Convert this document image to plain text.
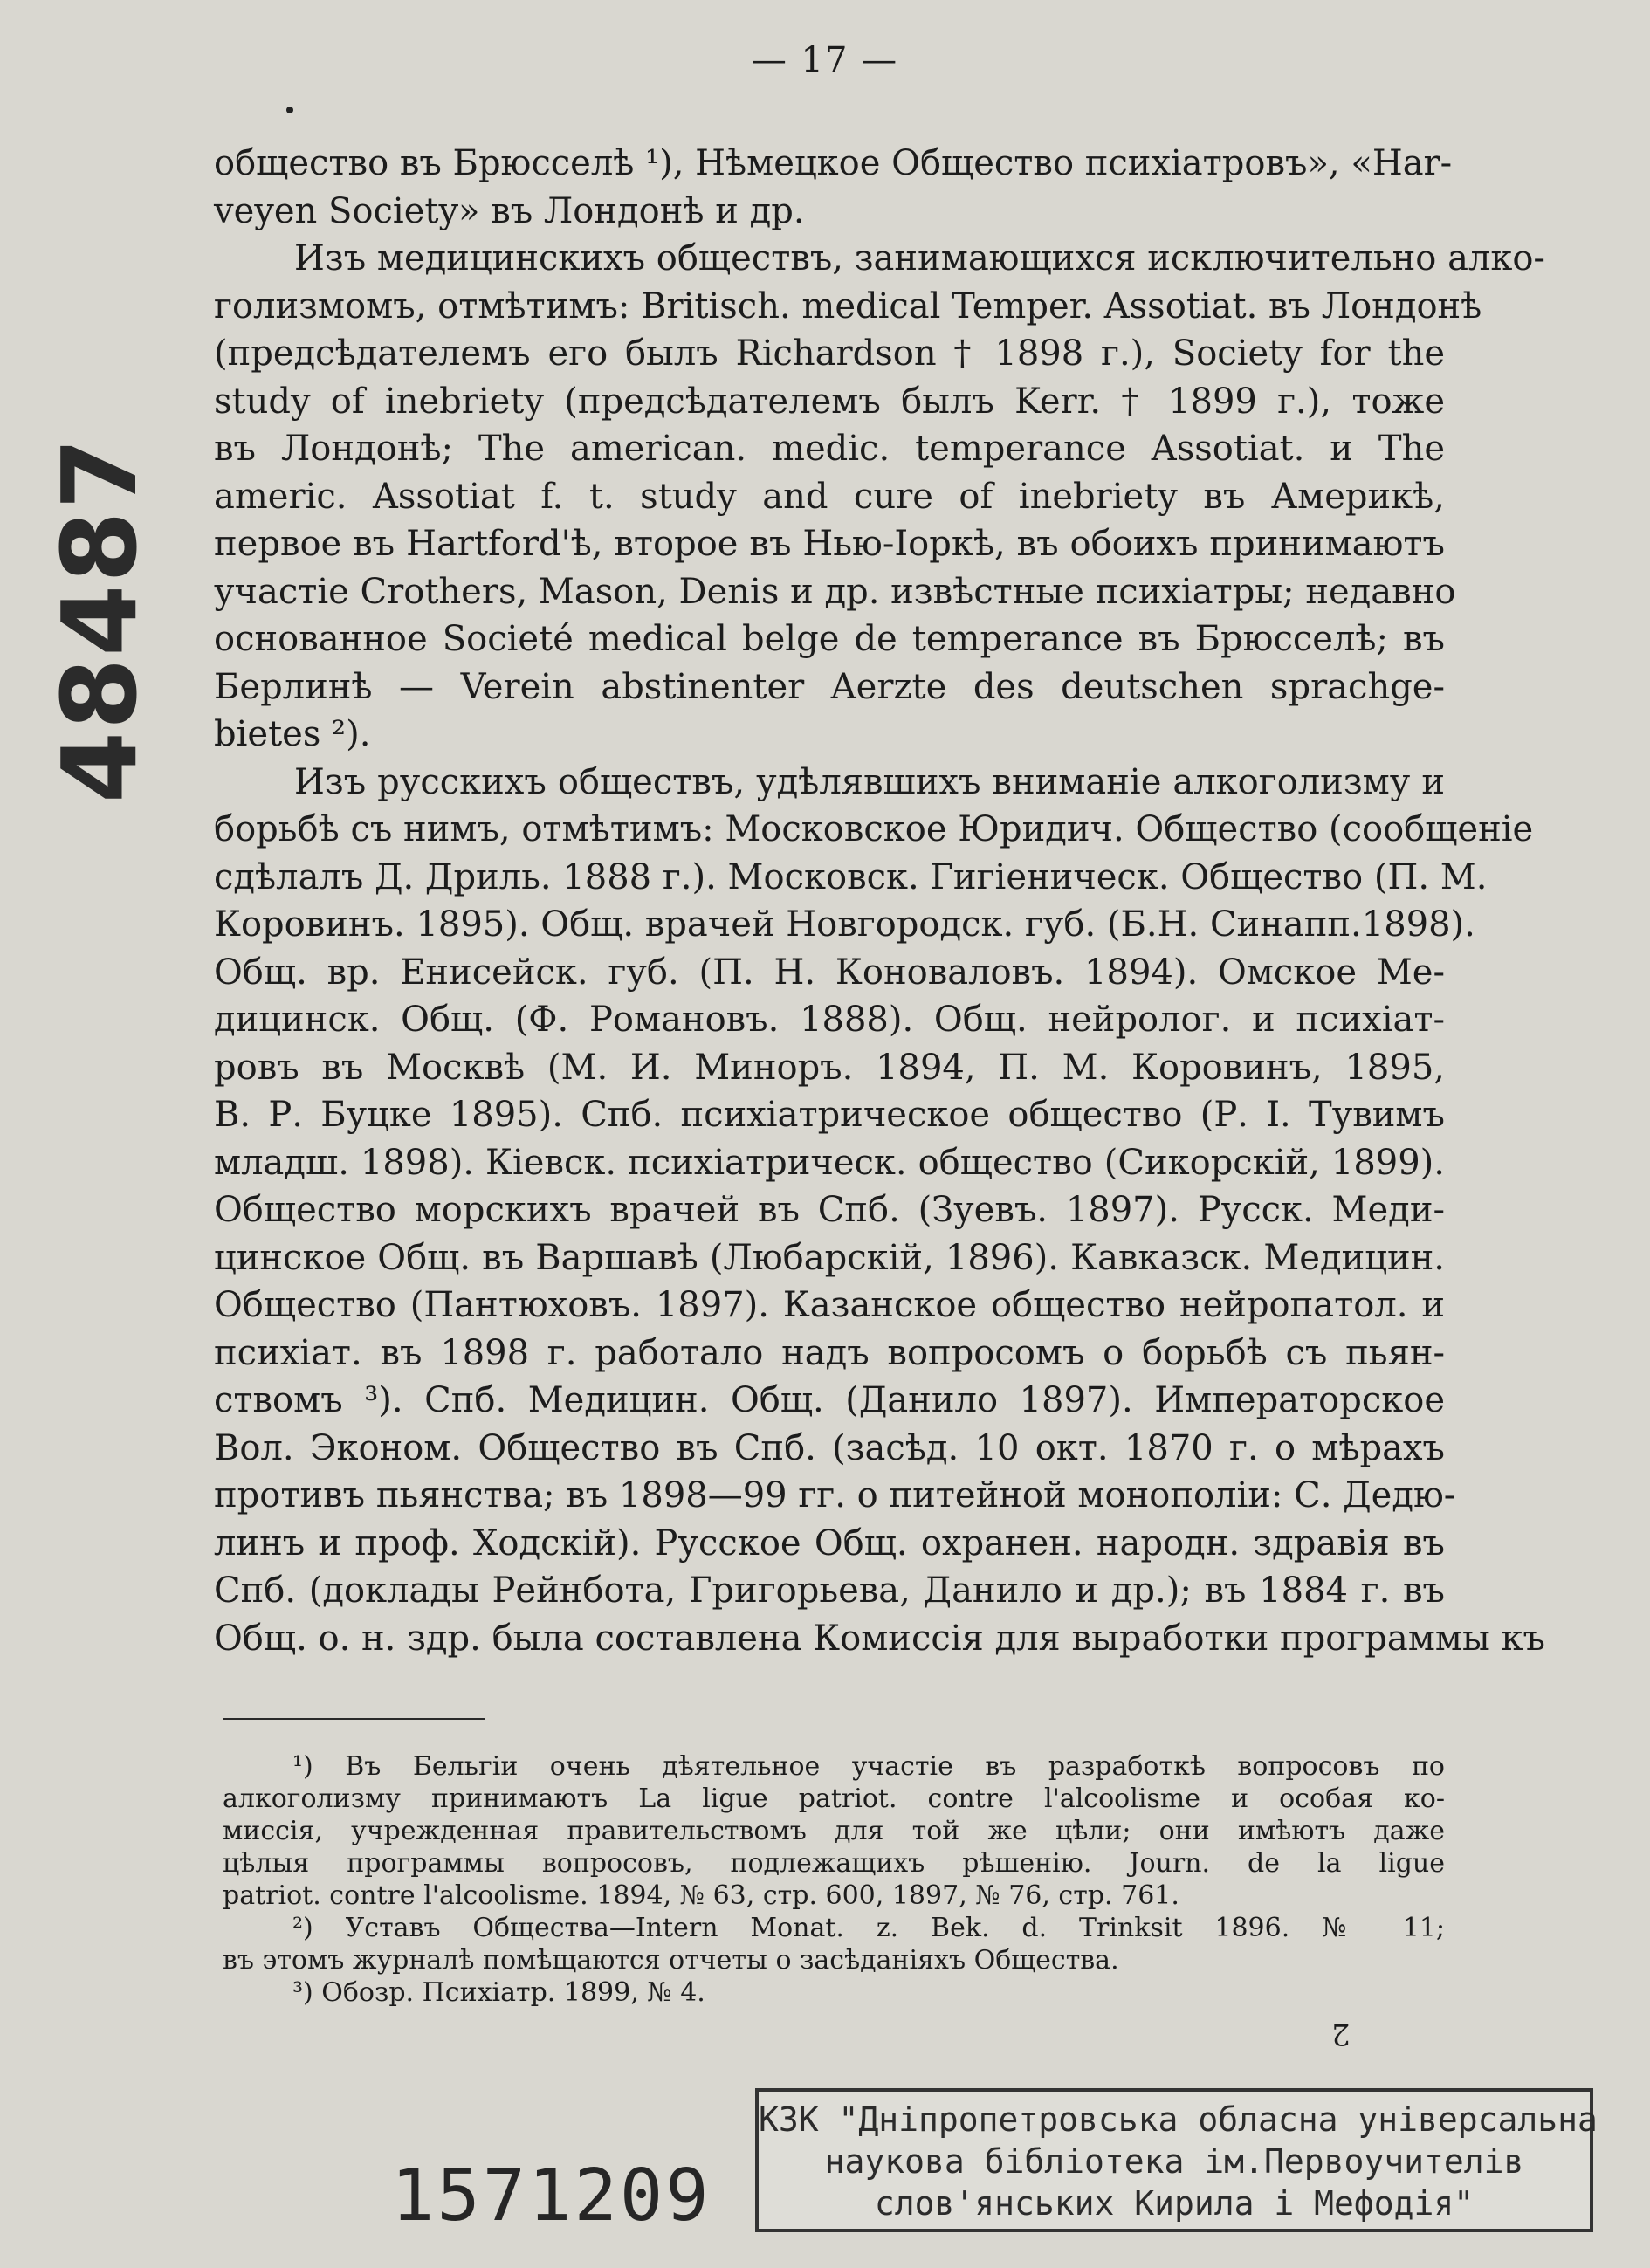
— 17 —
общество въ Брюсселѣ ¹), Нѣмецкое Общество психіатровъ», «Har-
veyen Society» въ Лондонѣ и др.
Изъ медицинскихъ обществъ, занимающихся исключительно алко-
голизмомъ, отмѣтимъ: Britisch. medical Temper. Assotiat. въ Лондонѣ
(предсѣдателемъ его былъ Richardson † 1898 г.), Society for the
study of inebriety (предсѣдателемъ былъ Kerr. † 1899 г.), тоже
въ Лондонѣ; The american. medic. temperance Assotiat. и The
americ. Assotiat f. t. study and cure of inebriety въ Америкѣ,
первое въ Hartford'ѣ, второе въ Нью-Іоркѣ, въ обоихъ принимаютъ
участіе Crothers, Mason, Denis и др. извѣстные психіатры; недавно
основанное Societé medical belge de temperance въ Брюсселѣ; въ
Берлинѣ — Verein abstinenter Aerzte des deutschen sprachge-
bietes ²).
Изъ русскихъ обществъ, удѣлявшихъ вниманіе алкоголизму и
борьбѣ съ нимъ, отмѣтимъ: Московское Юридич. Общество (сообщеніе
сдѣлалъ Д. Дриль. 1888 г.). Московск. Гигіеническ. Общество (П. М.
Коровинъ. 1895). Общ. врачей Новгородск. губ. (Б.Н. Синапп.1898).
Общ. вр. Енисейск. губ. (П. Н. Коноваловъ. 1894). Омское Ме-
дицинск. Общ. (Ф. Романовъ. 1888). Общ. нейролог. и психіат-
ровъ въ Москвѣ (М. И. Миноръ. 1894, П. М. Коровинъ, 1895,
В. Р. Буцке 1895). Спб. психіатрическое общество (Р. І. Тувимъ
младш. 1898). Кіевск. психіатрическ. общество (Сикорскій, 1899).
Общество морскихъ врачей въ Спб. (Зуевъ. 1897). Русск. Меди-
цинское Общ. въ Варшавѣ (Любарскій, 1896). Кавказск. Медицин.
Общество (Пантюховъ. 1897). Казанское общество нейропатол. и
психіат. въ 1898 г. работало надъ вопросомъ о борьбѣ съ пьян-
ствомъ ³). Спб. Медицин. Общ. (Данило 1897). Императорское
Вол. Эконом. Общество въ Спб. (засѣд. 10 окт. 1870 г. о мѣрахъ
противъ пьянства; въ 1898—99 гг. о питейной монополіи: С. Дедю-
линъ и проф. Ходскій). Русское Общ. охранен. народн. здравія въ
Спб. (доклады Рейнбота, Григорьева, Данило и др.); въ 1884 г. въ
Общ. о. н. здр. была составлена Комиссія для выработки программы къ
¹) Въ Бельгіи очень дѣятельное участіе въ разработкѣ вопросовъ по
алкоголизму принимаютъ La ligue patriot. contre l'alcoolisme и особая ко-
миссія, учрежденная правительствомъ для той же цѣли; они имѣютъ даже
цѣлыя программы вопросовъ, подлежащихъ рѣшенію. Journ. de la ligue
patriot. contre l'alcoolisme. 1894, № 63, стр. 600, 1897, № 76, стр. 761.
²) Уставъ Общества—Intern Monat. z. Bek. d. Trinksit 1896. № 11;
въ этомъ журналѣ помѣщаются отчеты о засѣданіяхъ Общества.
³) Обозр. Психіатр. 1899, № 4.
2
48487
1571209
КЗК "Дніпропетровська обласна універсальна
наукова бібліотека ім.Первоучителів
слов'янських Кирила і Мефодія"
